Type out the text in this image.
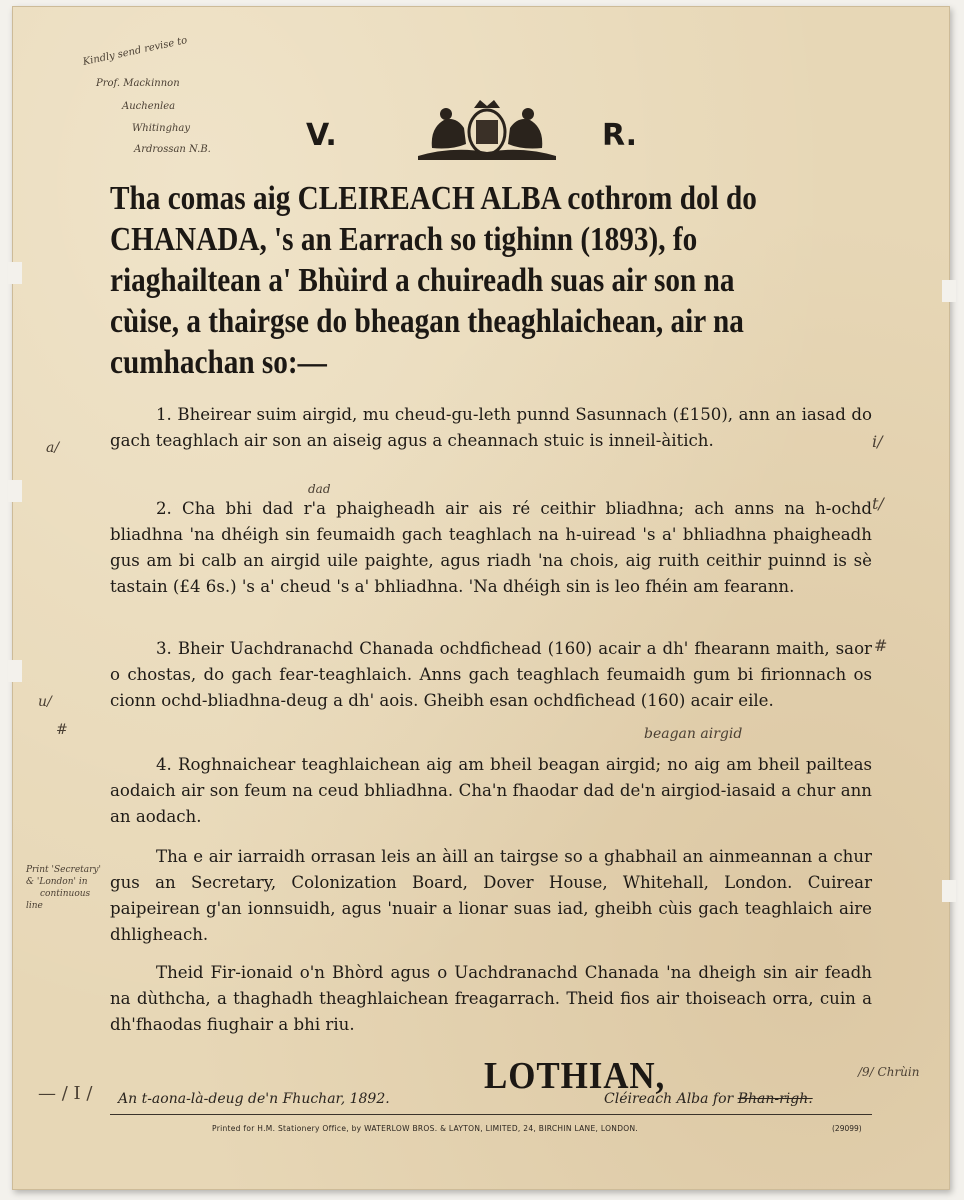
Kindly send revise to
Prof. Mackinnon
Auchenlea
Whitinghay
Ardrossan N.B.	V.	R.
Tha comas aig CLEIREACH ALBA cothrom dol do
CHANADA, 's an Earrach so tighinn (1893), fo
riaghailtean a' Bhùird a chuireadh suas air son na
cùise, a thairgse do bheagan theaghlaichean, air na
cumhachan so:—

1. Bheirear suim airgid, mu cheud-gu-leth punnd Sasunnach (£150), ann an iasad do gach teaghlach air son an aiseig agus a cheannach stuic is inneil-àitich.

dad

2. Cha bhi dad r'a phaigheadh air ais ré ceithir bliadhna; ach anns na h-ochd bliadhna 'na dhéigh sin feumaidh gach teaghlach na h-uiread 's a' bhliadhna phaigheadh gus am bi calb an airgid uile paighte, agus riadh 'na chois, aig ruith ceithir puinnd is sè tastain (£4 6s.) 's a' cheud 's a' bhliadhna. 'Na dhéigh sin is leo fhéin am fearann.

3. Bheir Uachdranachd Chanada ochdfichead (160) acair a dh' fhearann maith, saor o chostas, do gach fear-teaghlaich. Anns gach teaghlach feumaidh gum bi firionnach os cionn ochd-bliadhna-deug a dh' aois. Gheibh esan ochdfichead (160) acair eile.

beagan airgid

4. Roghnaichear teaghlaichean aig am bheil beagan airgid; no aig am bheil pailteas aodaich air son feum na ceud bhliadhna. Cha'n fhaodar dad de'n airgiod-iasaid a chur ann an aodach.

Tha e air iarraidh orrasan leis an àill an tairgse so a ghabhail an ainmeannan a chur gus an Secretary, Colonization Board, Dover House, Whitehall, London. Cuirear paipeirean g'an ionnsuidh, agus 'nuair a lionar suas iad, gheibh cùis gach teaghlaich aire dhligheach.

Theid Fir-ionaid o'n Bhòrd agus o Uachdranachd Chanada 'na dheigh sin air feadh na dùthcha, a thaghadh theaghlaichean freagarrach. Theid fios air thoiseach orra, cuin a dh'fhaodas fiughair a bhi riu.

a/
u/
#
i/
t/
#
Print 'Secretary'
& 'London' in
continuous
line
LOTHIAN,
— / I / An t-aona-là-deug de'n Fhuchar, 1892.	Cléireach Alba for Bhan-righ.
/9/ Chrùin
Printed for H.M. Stationery Office, by WATERLOW BROS. & LAYTON, LIMITED, 24, BIRCHIN LANE, LONDON.	(29099)
